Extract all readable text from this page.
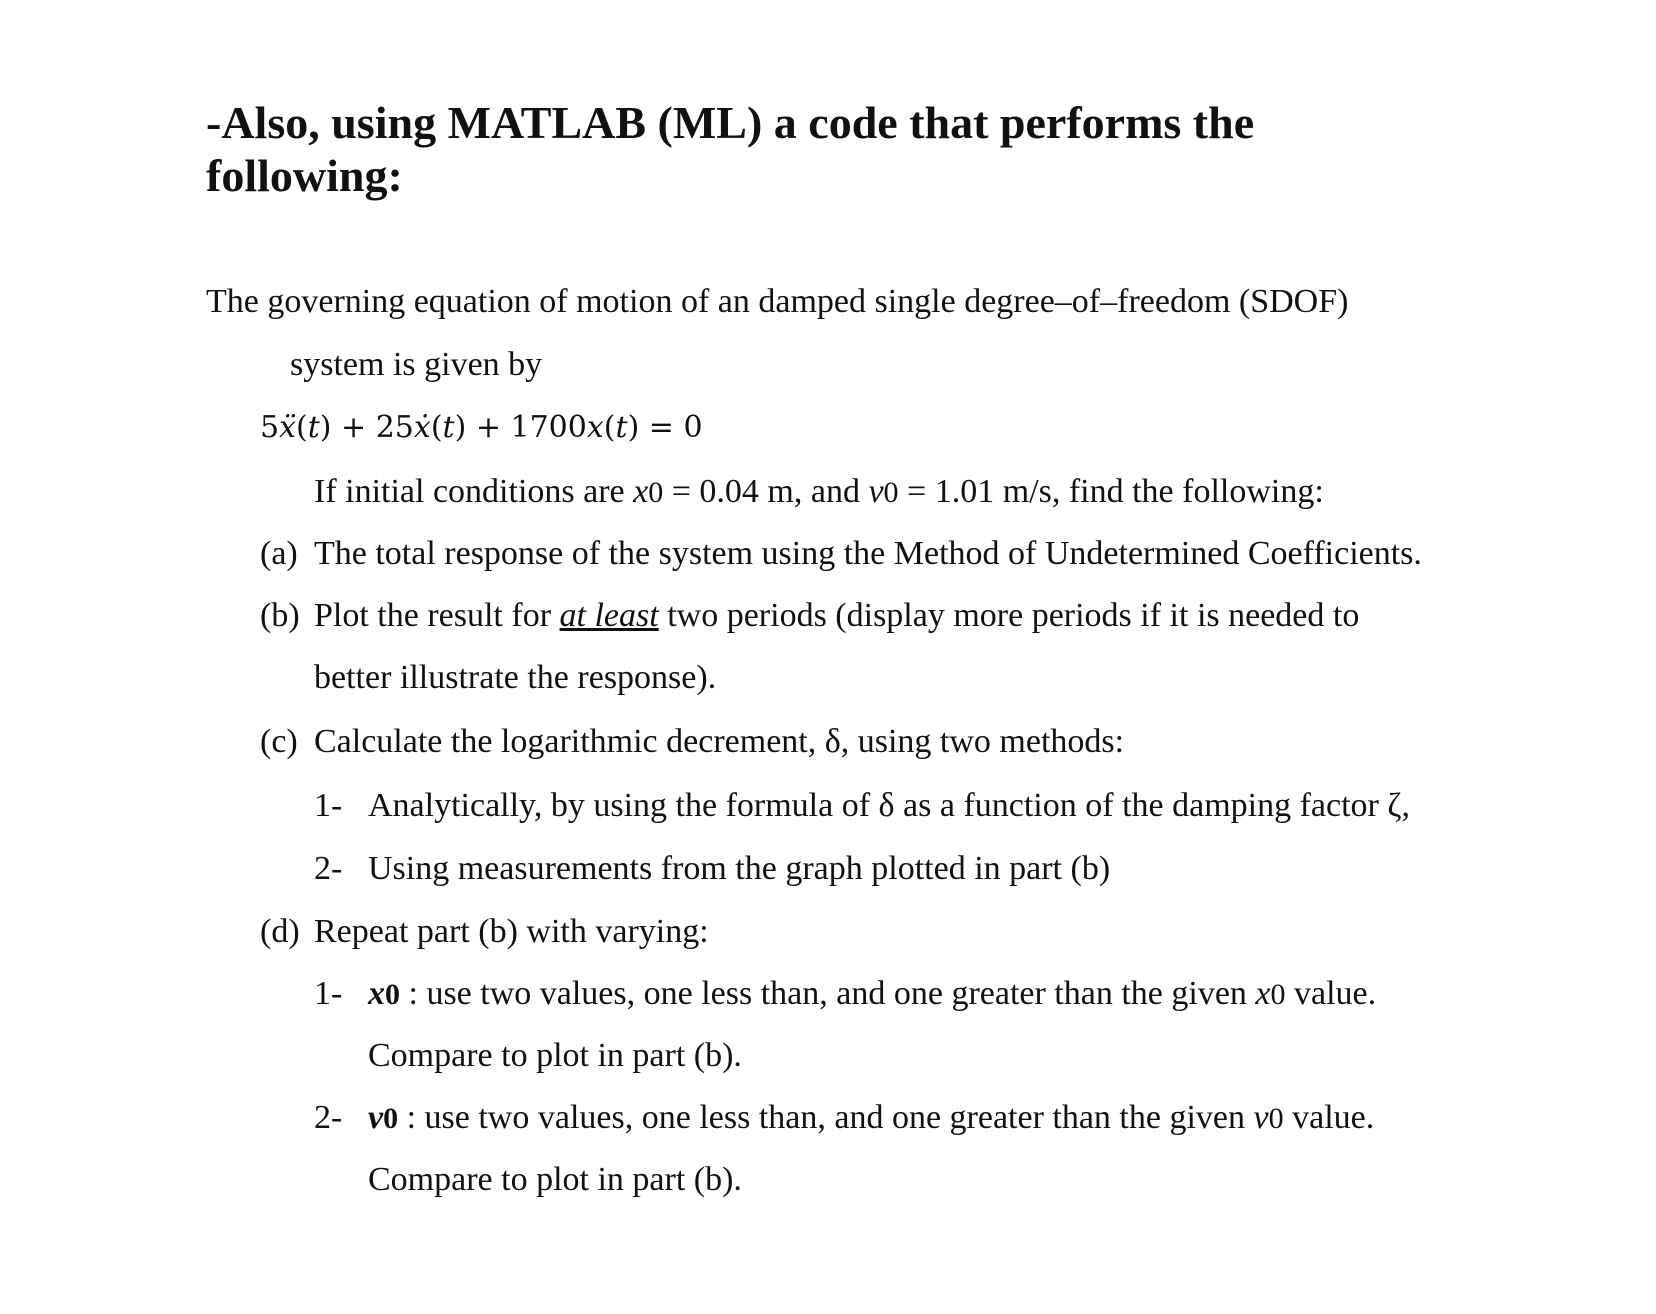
-Also, using MATLAB (ML) a code that performs the following:

The governing equation of motion of an damped single degree–of–freedom (SDOF)

system is given by

5ẍ(t) + 25ẋ(t) + 1700x(t) = 0

If initial conditions are x0 = 0.04 m, and v0 = 1.01 m/s, find the following:

(a) The total response of the system using the Method of Undetermined Coefficients.

(b) Plot the result for at least two periods (display more periods if it is needed to

better illustrate the response).

(c) Calculate the logarithmic decrement, δ, using two methods:

1- Analytically, by using the formula of δ as a function of the damping factor ζ,

2- Using measurements from the graph plotted in part (b)

(d) Repeat part (b) with varying:

1- x0 : use two values, one less than, and one greater than the given x0 value.

Compare to plot in part (b).

2- v0 : use two values, one less than, and one greater than the given v0 value.

Compare to plot in part (b).
